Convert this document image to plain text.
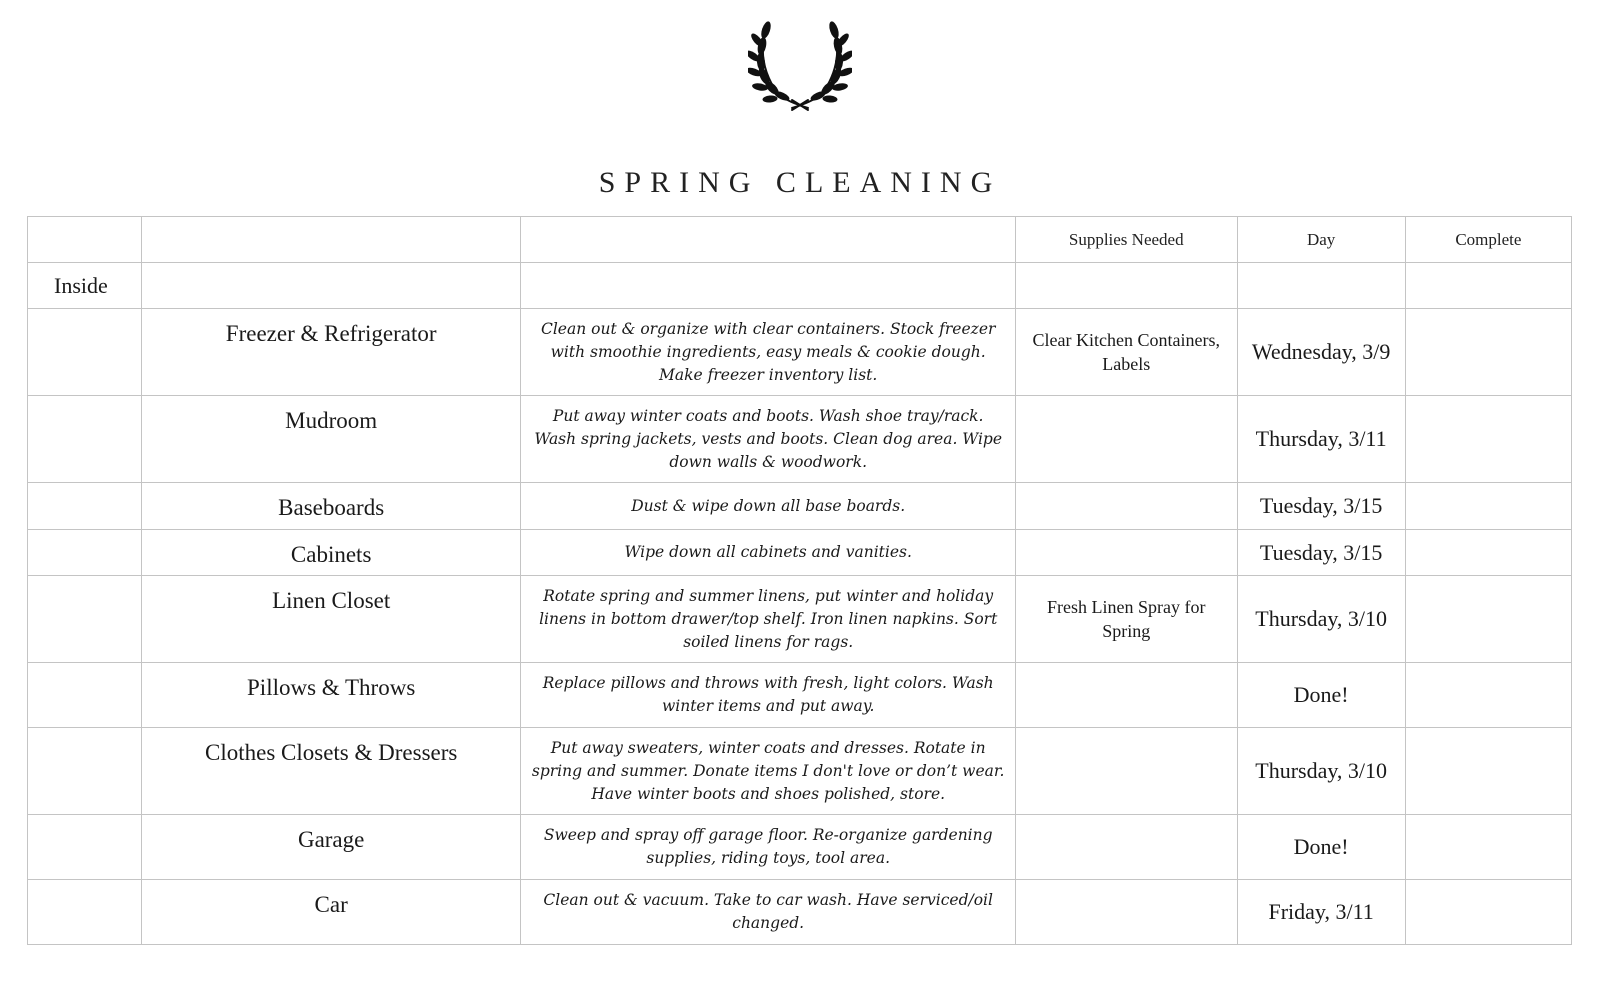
SPRING CLEANING
			Supplies Needed	Day	Complete
Inside					
	Freezer & Refrigerator	Clean out & organize with clear containers. Stock freezer with smoothie ingredients, easy meals & cookie dough. Make freezer inventory list.	Clear Kitchen Containers, Labels	Wednesday, 3/9	
	Mudroom	Put away winter coats and boots. Wash shoe tray/rack. Wash spring jackets, vests and boots. Clean dog area. Wipe down walls & woodwork.		Thursday, 3/11	
	Baseboards	Dust & wipe down all base boards.		Tuesday, 3/15	
	Cabinets	Wipe down all cabinets and vanities.		Tuesday, 3/15	
	Linen Closet	Rotate spring and summer linens, put winter and holiday linens in bottom drawer/top shelf. Iron linen napkins. Sort soiled linens for rags.	Fresh Linen Spray for Spring	Thursday, 3/10	
	Pillows & Throws	Replace pillows and throws with fresh, light colors. Wash winter items and put away.		Done!	
	Clothes Closets & Dressers	Put away sweaters, winter coats and dresses. Rotate in spring and summer. Donate items I don't love or don’t wear. Have winter boots and shoes polished, store.		Thursday, 3/10	
	Garage	Sweep and spray off garage floor. Re-organize gardening supplies, riding toys, tool area.		Done!	
	Car	Clean out & vacuum. Take to car wash. Have serviced/oil changed.		Friday, 3/11	
